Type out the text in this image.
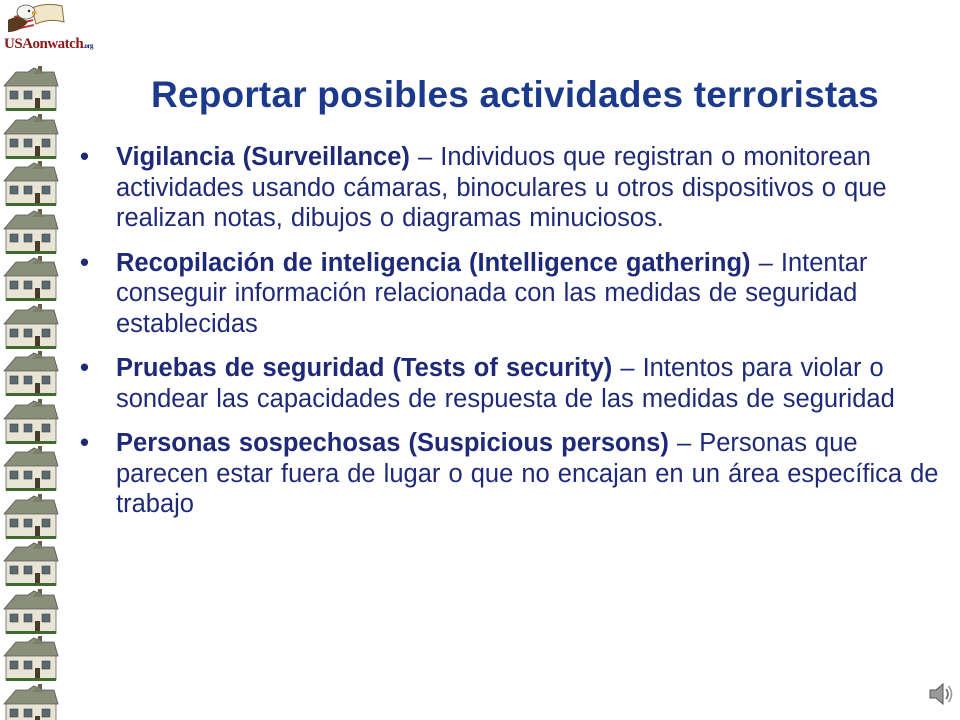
USAonwatch.org
Reportar posibles actividades terroristas
• Vigilancia (Surveillance) – Individuos que registran o monitorean actividades usando cámaras, binoculares u otros dispositivos o que realizan notas, dibujos o diagramas minuciosos.
• Recopilación de inteligencia (Intelligence gathering) – Intentar conseguir información relacionada con las medidas de seguridad establecidas
• Pruebas de seguridad (Tests of security) – Intentos para violar o sondear las capacidades de respuesta de las medidas de seguridad
• Personas sospechosas (Suspicious persons) – Personas que parecen estar fuera de lugar o que no encajan en un área específica de trabajo
